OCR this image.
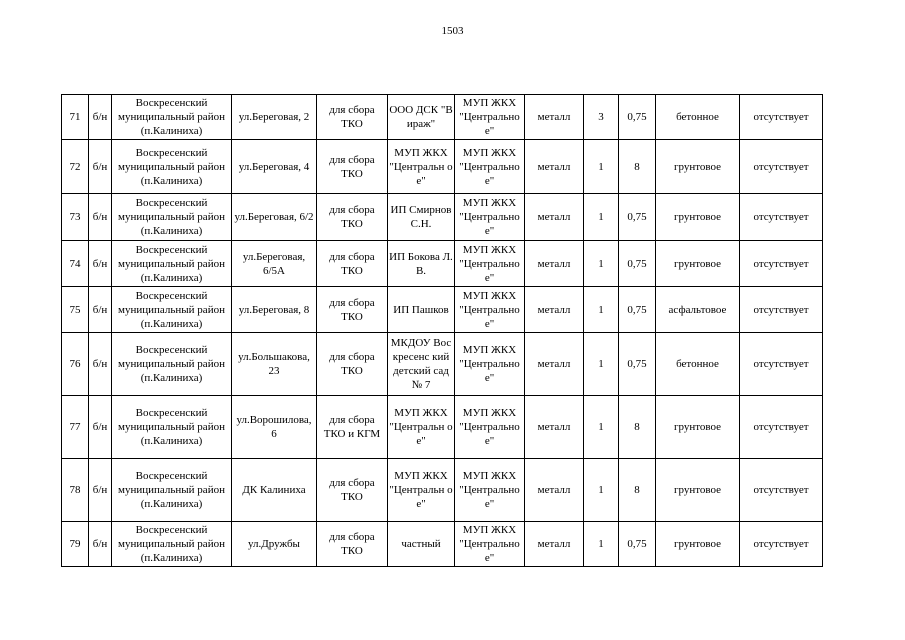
1503
71	б/н	Воскресенский муниципальный район (п.Калиниха)	ул.Береговая, 2	для сбора ТКО	ООО ДСК "Вираж"	МУП ЖКХ "Центрально е"	металл	3	0,75	бетонное	отсутствует
72	б/н	Воскресенский муниципальный район (п.Калиниха)	ул.Береговая, 4	для сбора ТКО	МУП ЖКХ "Центральн ое"	МУП ЖКХ "Центрально е"	металл	1	8	грунтовое	отсутствует
73	б/н	Воскресенский муниципальный район (п.Калиниха)	ул.Береговая, 6/2	для сбора ТКО	ИП Смирнов С.Н.	МУП ЖКХ "Центрально е"	металл	1	0,75	грунтовое	отсутствует
74	б/н	Воскресенский муниципальный район (п.Калиниха)	ул.Береговая, 6/5А	для сбора ТКО	ИП Бокова Л.В.	МУП ЖКХ "Центрально е"	металл	1	0,75	грунтовое	отсутствует
75	б/н	Воскресенский муниципальный район (п.Калиниха)	ул.Береговая, 8	для сбора ТКО	ИП Пашков	МУП ЖКХ "Центрально е"	металл	1	0,75	асфальтовое	отсутствует
76	б/н	Воскресенский муниципальный район (п.Калиниха)	ул.Большакова, 23	для сбора ТКО	МКДОУ Воскресенс кий детский сад № 7	МУП ЖКХ "Центрально е"	металл	1	0,75	бетонное	отсутствует
77	б/н	Воскресенский муниципальный район (п.Калиниха)	ул.Ворошилова, 6	для сбора ТКО и КГМ	МУП ЖКХ "Центральн ое"	МУП ЖКХ "Центрально е"	металл	1	8	грунтовое	отсутствует
78	б/н	Воскресенский муниципальный район (п.Калиниха)	ДК Калиниха	для сбора ТКО	МУП ЖКХ "Центральн ое"	МУП ЖКХ "Центрально е"	металл	1	8	грунтовое	отсутствует
79	б/н	Воскресенский муниципальный район (п.Калиниха)	ул.Дружбы	для сбора ТКО	частный	МУП ЖКХ "Центрально е"	металл	1	0,75	грунтовое	отсутствует
